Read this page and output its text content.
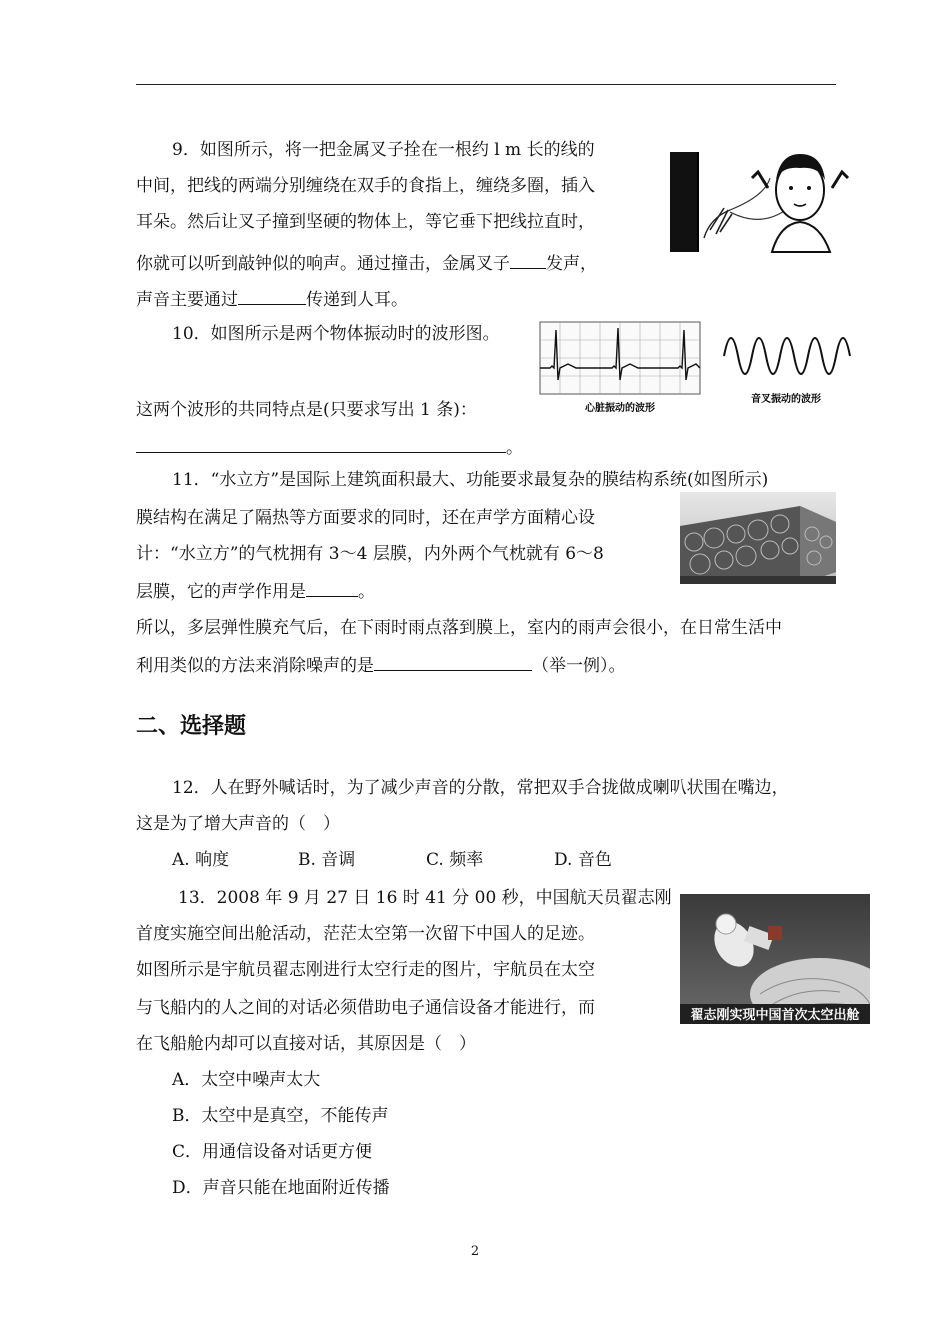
9．如图所示，将一把金属叉子拴在一根约 l m 长的线的
中间，把线的两端分别缠绕在双手的食指上，缠绕多圈，插入
耳朵。然后让叉子撞到坚硬的物体上，等它垂下把线拉直时，
你就可以听到敲钟似的响声。通过撞击，金属叉子 发声，
声音主要通过	传递到人耳。
10．如图所示是两个物体振动时的波形图。
这两个波形的共同特点是(只要求写出 1 条)：
。
心脏振动的波形
音叉振动的波形
11．“水立方”是国际上建筑面积最大、功能要求最复杂的膜结构系统(如图所示)
膜结构在满足了隔热等方面要求的同时，还在声学方面精心设
计：“水立方”的气枕拥有 3～4 层膜，内外两个气枕就有 6～8
层膜，它的声学作用是	。
所以，多层弹性膜充气后，在下雨时雨点落到膜上，室内的雨声会很小，在日常生活中
利用类似的方法来消除噪声的是	（举一例）。
二、选择题
12．人在野外喊话时，为了减少声音的分散，常把双手合拢做成喇叭状围在嘴边，
这是为了增大声音的（　）
A. 响度	B. 音调	C. 频率	D. 音色
13．2008 年 9 月 27 日 16 时 41 分 00 秒，中国航天员翟志刚
首度实施空间出舱活动，茫茫太空第一次留下中国人的足迹。
如图所示是宇航员翟志刚进行太空行走的图片，宇航员在太空
与飞船内的人之间的对话必须借助电子通信设备才能进行，而
在飞船舱内却可以直接对话，其原因是（　）
A．太空中噪声太大
B．太空中是真空，不能传声
C．用通信设备对话更方便
D．声音只能在地面附近传播
翟志刚实现中国首次太空出舱
2
